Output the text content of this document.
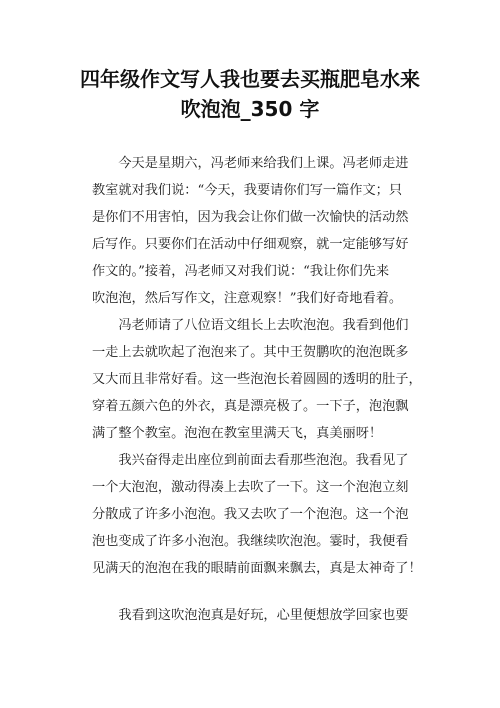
四年级作文写人我也要去买瓶肥皂水来
吹泡泡_350 字
　　今天是星期六，冯老师来给我们上课。冯老师走进
教室就对我们说：“今天，我要请你们写一篇作文；只
是你们不用害怕，因为我会让你们做一次愉快的活动然
后写作。只要你们在活动中仔细观察，就一定能够写好
作文的。”接着，冯老师又对我们说：“我让你们先来
吹泡泡，然后写作文，注意观察！”我们好奇地看着。
　　冯老师请了八位语文组长上去吹泡泡。我看到他们
一走上去就吹起了泡泡来了。其中王贺鹏吹的泡泡既多
又大而且非常好看。这一些泡泡长着圆圆的透明的肚子，
穿着五颜六色的外衣，真是漂亮极了。一下子，泡泡飘
满了整个教室。泡泡在教室里满天飞，真美丽呀！
　　我兴奋得走出座位到前面去看那些泡泡。我看见了
一个大泡泡，激动得凑上去吹了一下。这一个泡泡立刻
分散成了许多小泡泡。我又去吹了一个泡泡。这一个泡
泡也变成了许多小泡泡。我继续吹泡泡。霎时，我便看
见满天的泡泡在我的眼睛前面飘来飘去，真是太神奇了！
　　我看到这吹泡泡真是好玩，心里便想放学回家也要
